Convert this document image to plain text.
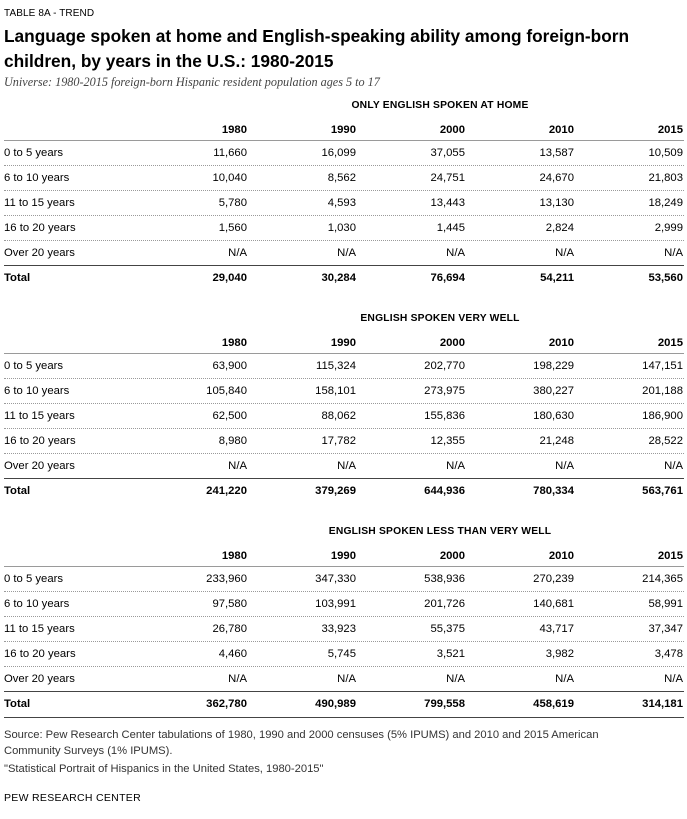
TABLE 8A - TREND
Language spoken at home and English-speaking ability among foreign-born children, by years in the U.S.: 1980-2015
Universe: 1980-2015 foreign-born Hispanic resident population ages 5 to 17
ONLY ENGLISH SPOKEN AT HOME
1980	1990	2000	2010	2015
0 to 5 years	11,660	16,099	37,055	13,587	10,509
6 to 10 years	10,040	8,562	24,751	24,670	21,803
11 to 15 years	5,780	4,593	13,443	13,130	18,249
16 to 20 years	1,560	1,030	1,445	2,824	2,999
Over 20 years	N/A	N/A	N/A	N/A	N/A
Total	29,040	30,284	76,694	54,211	53,560
ENGLISH SPOKEN VERY WELL
1980	1990	2000	2010	2015
0 to 5 years	63,900	115,324	202,770	198,229	147,151
6 to 10 years	105,840	158,101	273,975	380,227	201,188
11 to 15 years	62,500	88,062	155,836	180,630	186,900
16 to 20 years	8,980	17,782	12,355	21,248	28,522
Over 20 years	N/A	N/A	N/A	N/A	N/A
Total	241,220	379,269	644,936	780,334	563,761
ENGLISH SPOKEN LESS THAN VERY WELL
1980	1990	2000	2010	2015
0 to 5 years	233,960	347,330	538,936	270,239	214,365
6 to 10 years	97,580	103,991	201,726	140,681	58,991
11 to 15 years	26,780	33,923	55,375	43,717	37,347
16 to 20 years	4,460	5,745	3,521	3,982	3,478
Over 20 years	N/A	N/A	N/A	N/A	N/A
Total	362,780	490,989	799,558	458,619	314,181
Source: Pew Research Center tabulations of 1980, 1990 and 2000 censuses (5% IPUMS) and 2010 and 2015 American Community Surveys (1% IPUMS).
"Statistical Portrait of Hispanics in the United States, 1980-2015"
PEW RESEARCH CENTER
